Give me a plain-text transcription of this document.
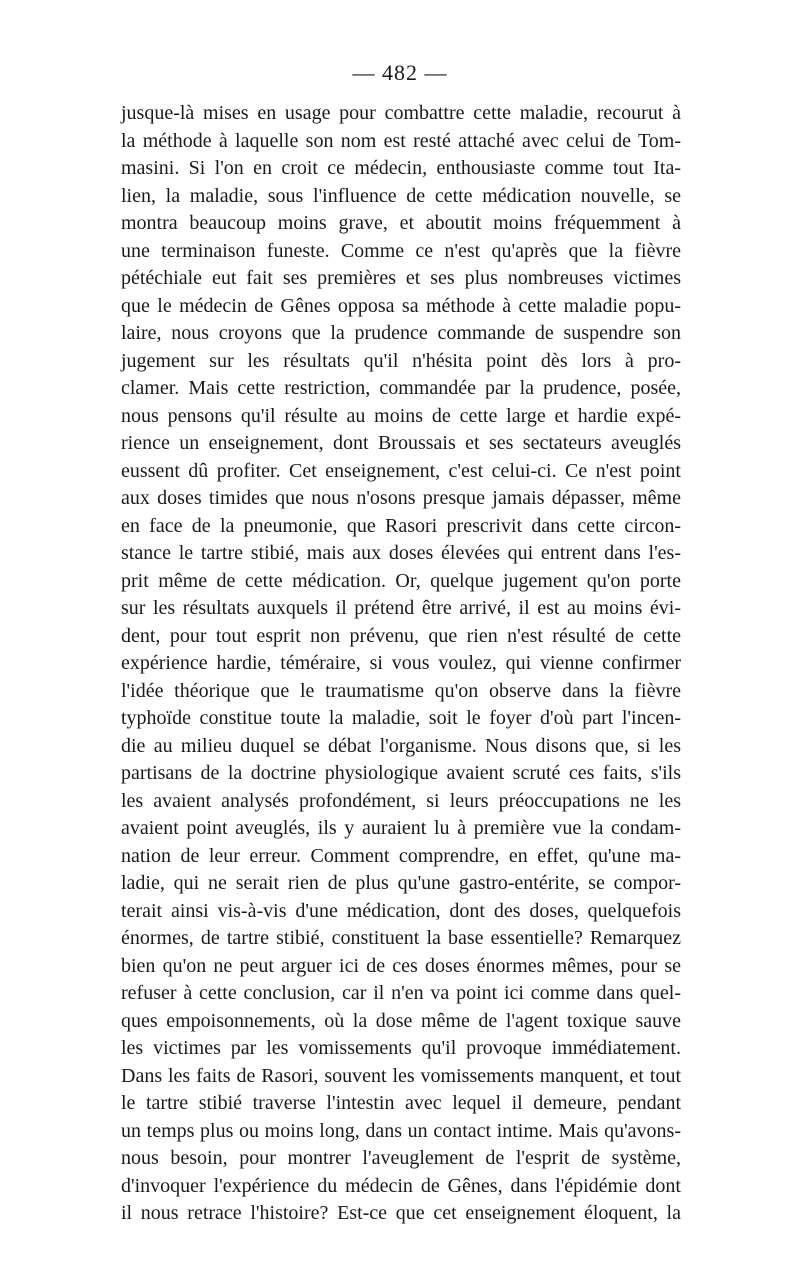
— 482 —
jusque-là mises en usage pour combattre cette maladie, recourut à
la méthode à laquelle son nom est resté attaché avec celui de Tom-
masini. Si l'on en croit ce médecin, enthousiaste comme tout Ita-
lien, la maladie, sous l'influence de cette médication nouvelle, se
montra beaucoup moins grave, et aboutit moins fréquemment à
une terminaison funeste. Comme ce n'est qu'après que la fièvre
pétéchiale eut fait ses premières et ses plus nombreuses victimes
que le médecin de Gênes opposa sa méthode à cette maladie popu-
laire, nous croyons que la prudence commande de suspendre son
jugement sur les résultats qu'il n'hésita point dès lors à pro-
clamer. Mais cette restriction, commandée par la prudence, posée,
nous pensons qu'il résulte au moins de cette large et hardie expé-
rience un enseignement, dont Broussais et ses sectateurs aveuglés
eussent dû profiter. Cet enseignement, c'est celui-ci. Ce n'est point
aux doses timides que nous n'osons presque jamais dépasser, même
en face de la pneumonie, que Rasori prescrivit dans cette circon-
stance le tartre stibié, mais aux doses élevées qui entrent dans l'es-
prit même de cette médication. Or, quelque jugement qu'on porte
sur les résultats auxquels il prétend être arrivé, il est au moins évi-
dent, pour tout esprit non prévenu, que rien n'est résulté de cette
expérience hardie, téméraire, si vous voulez, qui vienne confirmer
l'idée théorique que le traumatisme qu'on observe dans la fièvre
typhoïde constitue toute la maladie, soit le foyer d'où part l'incen-
die au milieu duquel se débat l'organisme. Nous disons que, si les
partisans de la doctrine physiologique avaient scruté ces faits, s'ils
les avaient analysés profondément, si leurs préoccupations ne les
avaient point aveuglés, ils y auraient lu à première vue la condam-
nation de leur erreur. Comment comprendre, en effet, qu'une ma-
ladie, qui ne serait rien de plus qu'une gastro-entérite, se compor-
terait ainsi vis-à-vis d'une médication, dont des doses, quelquefois
énormes, de tartre stibié, constituent la base essentielle? Remarquez
bien qu'on ne peut arguer ici de ces doses énormes mêmes, pour se
refuser à cette conclusion, car il n'en va point ici comme dans quel-
ques empoisonnements, où la dose même de l'agent toxique sauve
les victimes par les vomissements qu'il provoque immédiatement.
Dans les faits de Rasori, souvent les vomissements manquent, et tout
le tartre stibié traverse l'intestin avec lequel il demeure, pendant
un temps plus ou moins long, dans un contact intime. Mais qu'avons-
nous besoin, pour montrer l'aveuglement de l'esprit de système,
d'invoquer l'expérience du médecin de Gênes, dans l'épidémie dont
il nous retrace l'histoire? Est-ce que cet enseignement éloquent, la
